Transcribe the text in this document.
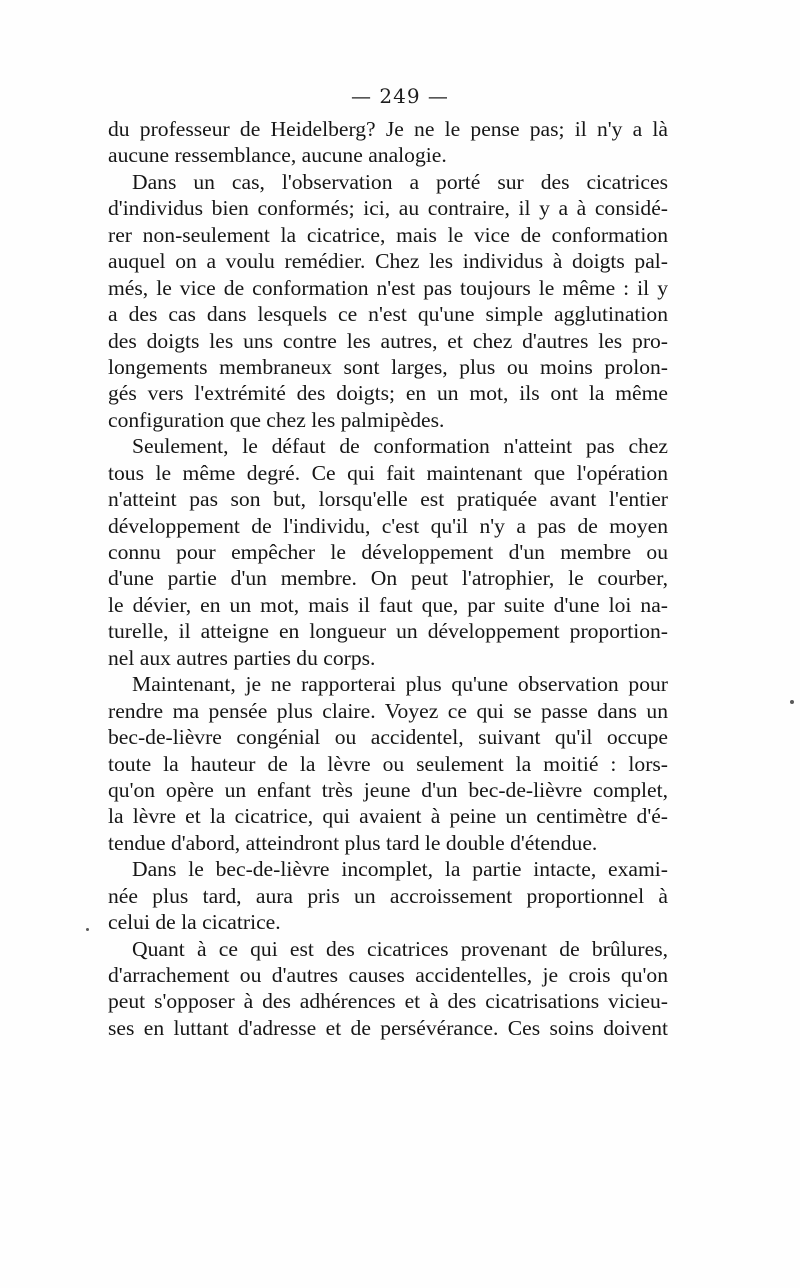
— 249 —

du professeur de Heidelberg? Je ne le pense pas; il n'y a là
aucune ressemblance, aucune analogie.

Dans un cas, l'observation a porté sur des cicatrices
d'individus bien conformés; ici, au contraire, il y a à considé-
rer non-seulement la cicatrice, mais le vice de conformation
auquel on a voulu remédier. Chez les individus à doigts pal-
més, le vice de conformation n'est pas toujours le même : il y
a des cas dans lesquels ce n'est qu'une simple agglutination
des doigts les uns contre les autres, et chez d'autres les pro-
longements membraneux sont larges, plus ou moins prolon-
gés vers l'extrémité des doigts; en un mot, ils ont la même
configuration que chez les palmipèdes.

Seulement, le défaut de conformation n'atteint pas chez
tous le même degré. Ce qui fait maintenant que l'opération
n'atteint pas son but, lorsqu'elle est pratiquée avant l'entier
développement de l'individu, c'est qu'il n'y a pas de moyen
connu pour empêcher le développement d'un membre ou
d'une partie d'un membre. On peut l'atrophier, le courber,
le dévier, en un mot, mais il faut que, par suite d'une loi na-
turelle, il atteigne en longueur un développement proportion-
nel aux autres parties du corps.

Maintenant, je ne rapporterai plus qu'une observation pour
rendre ma pensée plus claire. Voyez ce qui se passe dans un
bec-de-lièvre congénial ou accidentel, suivant qu'il occupe
toute la hauteur de la lèvre ou seulement la moitié : lors-
qu'on opère un enfant très jeune d'un bec-de-lièvre complet,
la lèvre et la cicatrice, qui avaient à peine un centimètre d'é-
tendue d'abord, atteindront plus tard le double d'étendue.

Dans le bec-de-lièvre incomplet, la partie intacte, exami-
née plus tard, aura pris un accroissement proportionnel à
celui de la cicatrice.

Quant à ce qui est des cicatrices provenant de brûlures,
d'arrachement ou d'autres causes accidentelles, je crois qu'on
peut s'opposer à des adhérences et à des cicatrisations vicieu-
ses en luttant d'adresse et de persévérance. Ces soins doivent
